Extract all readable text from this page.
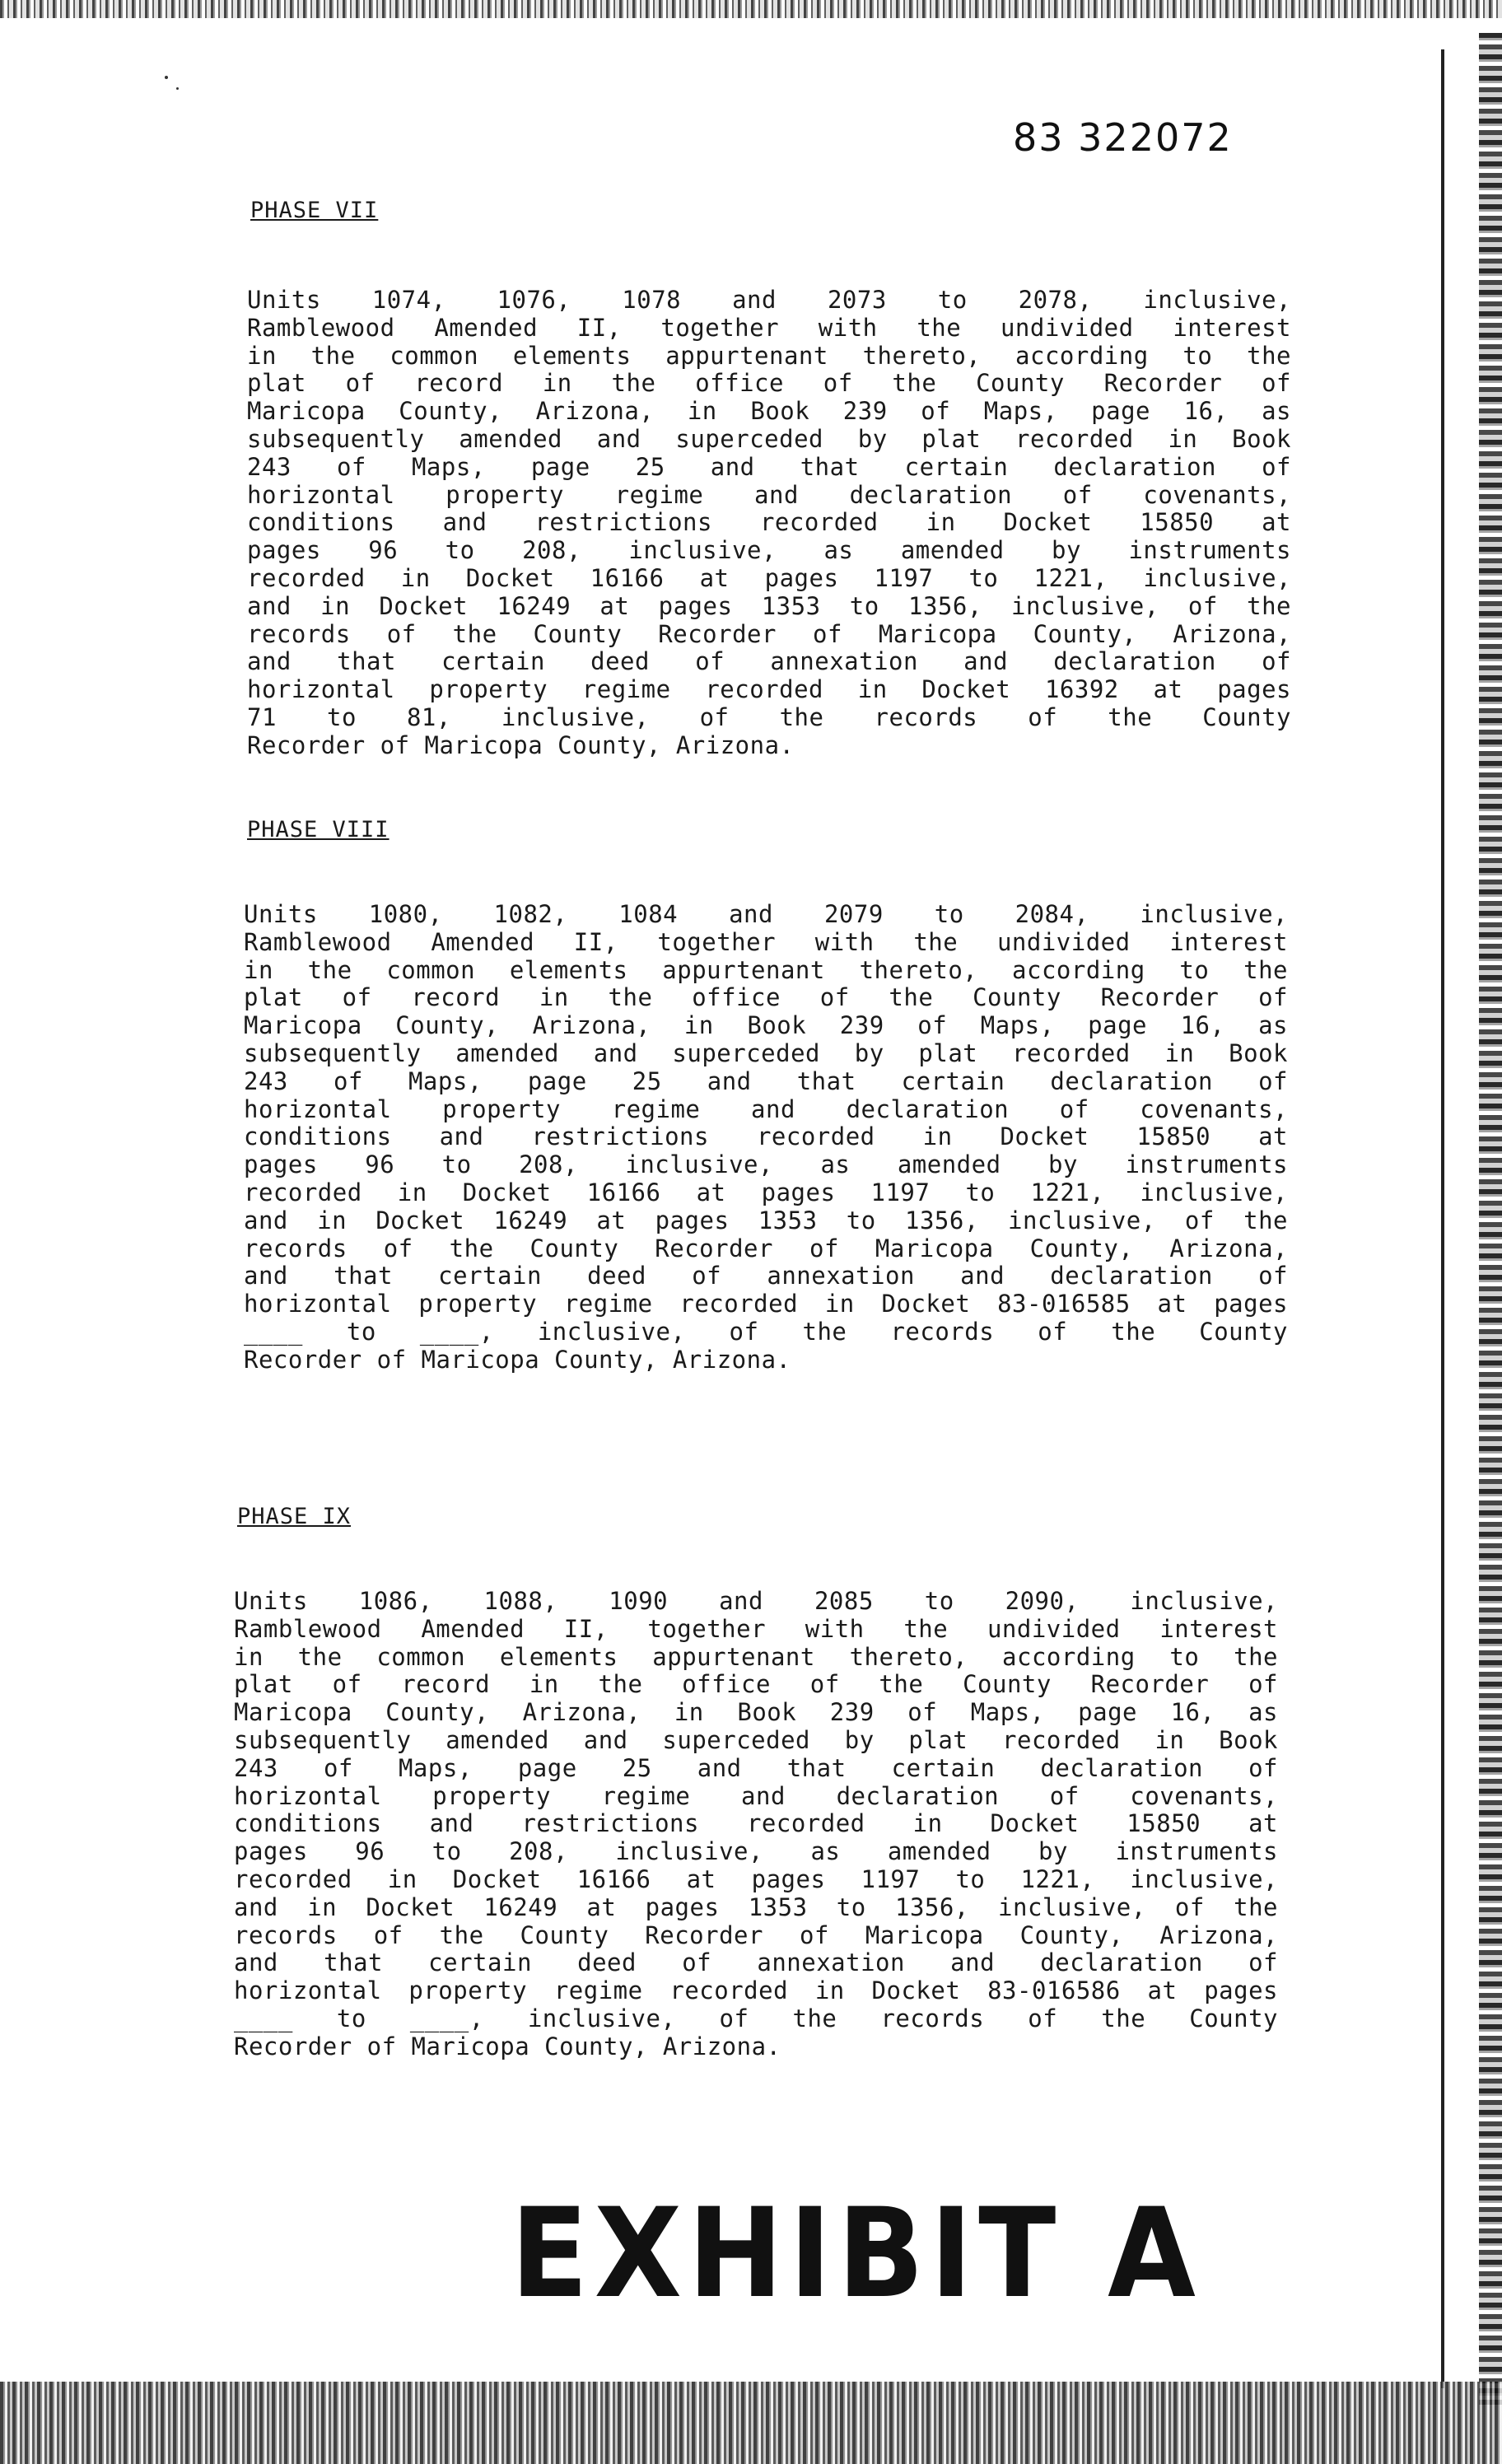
83 322072
PHASE VII
Units 1074, 1076, 1078 and 2073 to 2078, inclusive,
Ramblewood Amended II, together with the undivided interest
in the common elements appurtenant thereto, according to the
plat of record in the office of the County Recorder of
Maricopa County, Arizona, in Book 239 of Maps, page 16, as
subsequently amended and superceded by plat recorded in Book
243 of Maps, page 25 and that certain declaration of
horizontal property regime and declaration of covenants,
conditions and restrictions recorded in Docket 15850 at
pages 96 to 208, inclusive, as amended by instruments
recorded in Docket 16166 at pages 1197 to 1221, inclusive,
and in Docket 16249 at pages 1353 to 1356, inclusive, of the
records of the County Recorder of Maricopa County, Arizona,
and that certain deed of annexation and declaration of
horizontal property regime recorded in Docket 16392 at pages
71 to 81, inclusive, of the records of the County
Recorder of Maricopa County, Arizona.
PHASE VIII
Units 1080, 1082, 1084 and 2079 to 2084, inclusive,
Ramblewood Amended II, together with the undivided interest
in the common elements appurtenant thereto, according to the
plat of record in the office of the County Recorder of
Maricopa County, Arizona, in Book 239 of Maps, page 16, as
subsequently amended and superceded by plat recorded in Book
243 of Maps, page 25 and that certain declaration of
horizontal property regime and declaration of covenants,
conditions and restrictions recorded in Docket 15850 at
pages 96 to 208, inclusive, as amended by instruments
recorded in Docket 16166 at pages 1197 to 1221, inclusive,
and in Docket 16249 at pages 1353 to 1356, inclusive, of the
records of the County Recorder of Maricopa County, Arizona,
and that certain deed of annexation and declaration of
horizontal property regime recorded in Docket 83-016585 at pages
____ to ____, inclusive, of the records of the County
Recorder of Maricopa County, Arizona.
PHASE IX
Units 1086, 1088, 1090 and 2085 to 2090, inclusive,
Ramblewood Amended II, together with the undivided interest
in the common elements appurtenant thereto, according to the
plat of record in the office of the County Recorder of
Maricopa County, Arizona, in Book 239 of Maps, page 16, as
subsequently amended and superceded by plat recorded in Book
243 of Maps, page 25 and that certain declaration of
horizontal property regime and declaration of covenants,
conditions and restrictions recorded in Docket 15850 at
pages 96 to 208, inclusive, as amended by instruments
recorded in Docket 16166 at pages 1197 to 1221, inclusive,
and in Docket 16249 at pages 1353 to 1356, inclusive, of the
records of the County Recorder of Maricopa County, Arizona,
and that certain deed of annexation and declaration of
horizontal property regime recorded in Docket 83-016586 at pages
____ to ____, inclusive, of the records of the County
Recorder of Maricopa County, Arizona.
EXHIBIT A
